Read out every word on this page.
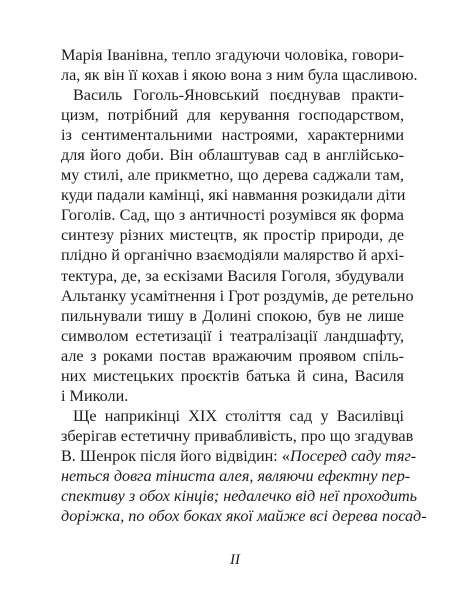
Марія Іванівна, тепло згадуючи чоловіка, говори-
ла, як він її кохав і якою вона з ним була щасливою.
Василь Гоголь-Яновський поєднував практи-
цизм, потрібний для керування господарством,
із сентиментальними настроями, характерними
для його доби. Він облаштував сад в англійсько-
му стилі, але прикметно, що дерева саджали там,
куди падали камінці, які навмання розкидали діти
Гоголів. Сад, що з античності розумівся як форма
синтезу різних мистецтв, як простір природи, де
плідно й органічно взаємодіяли малярство й архі-
тектура, де, за ескізами Василя Гоголя, збудували
Альтанку усамітнення і Грот роздумів, де ретельно
пильнували тишу в Долині спокою, був не лише
символом естетизації і театралізації ландшафту,
але з роками постав вражаючим проявом спіль-
них мистецьких проєктів батька й сина, Василя
і Миколи.
Ще наприкінці XIX століття сад у Василівці
зберігав естетичну привабливість, про що згадував
В. Шенрок після його відвідин: «Посеред саду тяг-
неться довга тіниста алея, являючи ефектну пер-
спективу з обох кінців; недалечко від неї проходить
доріжка, по обох боках якої майже всі дерева посад-
II
